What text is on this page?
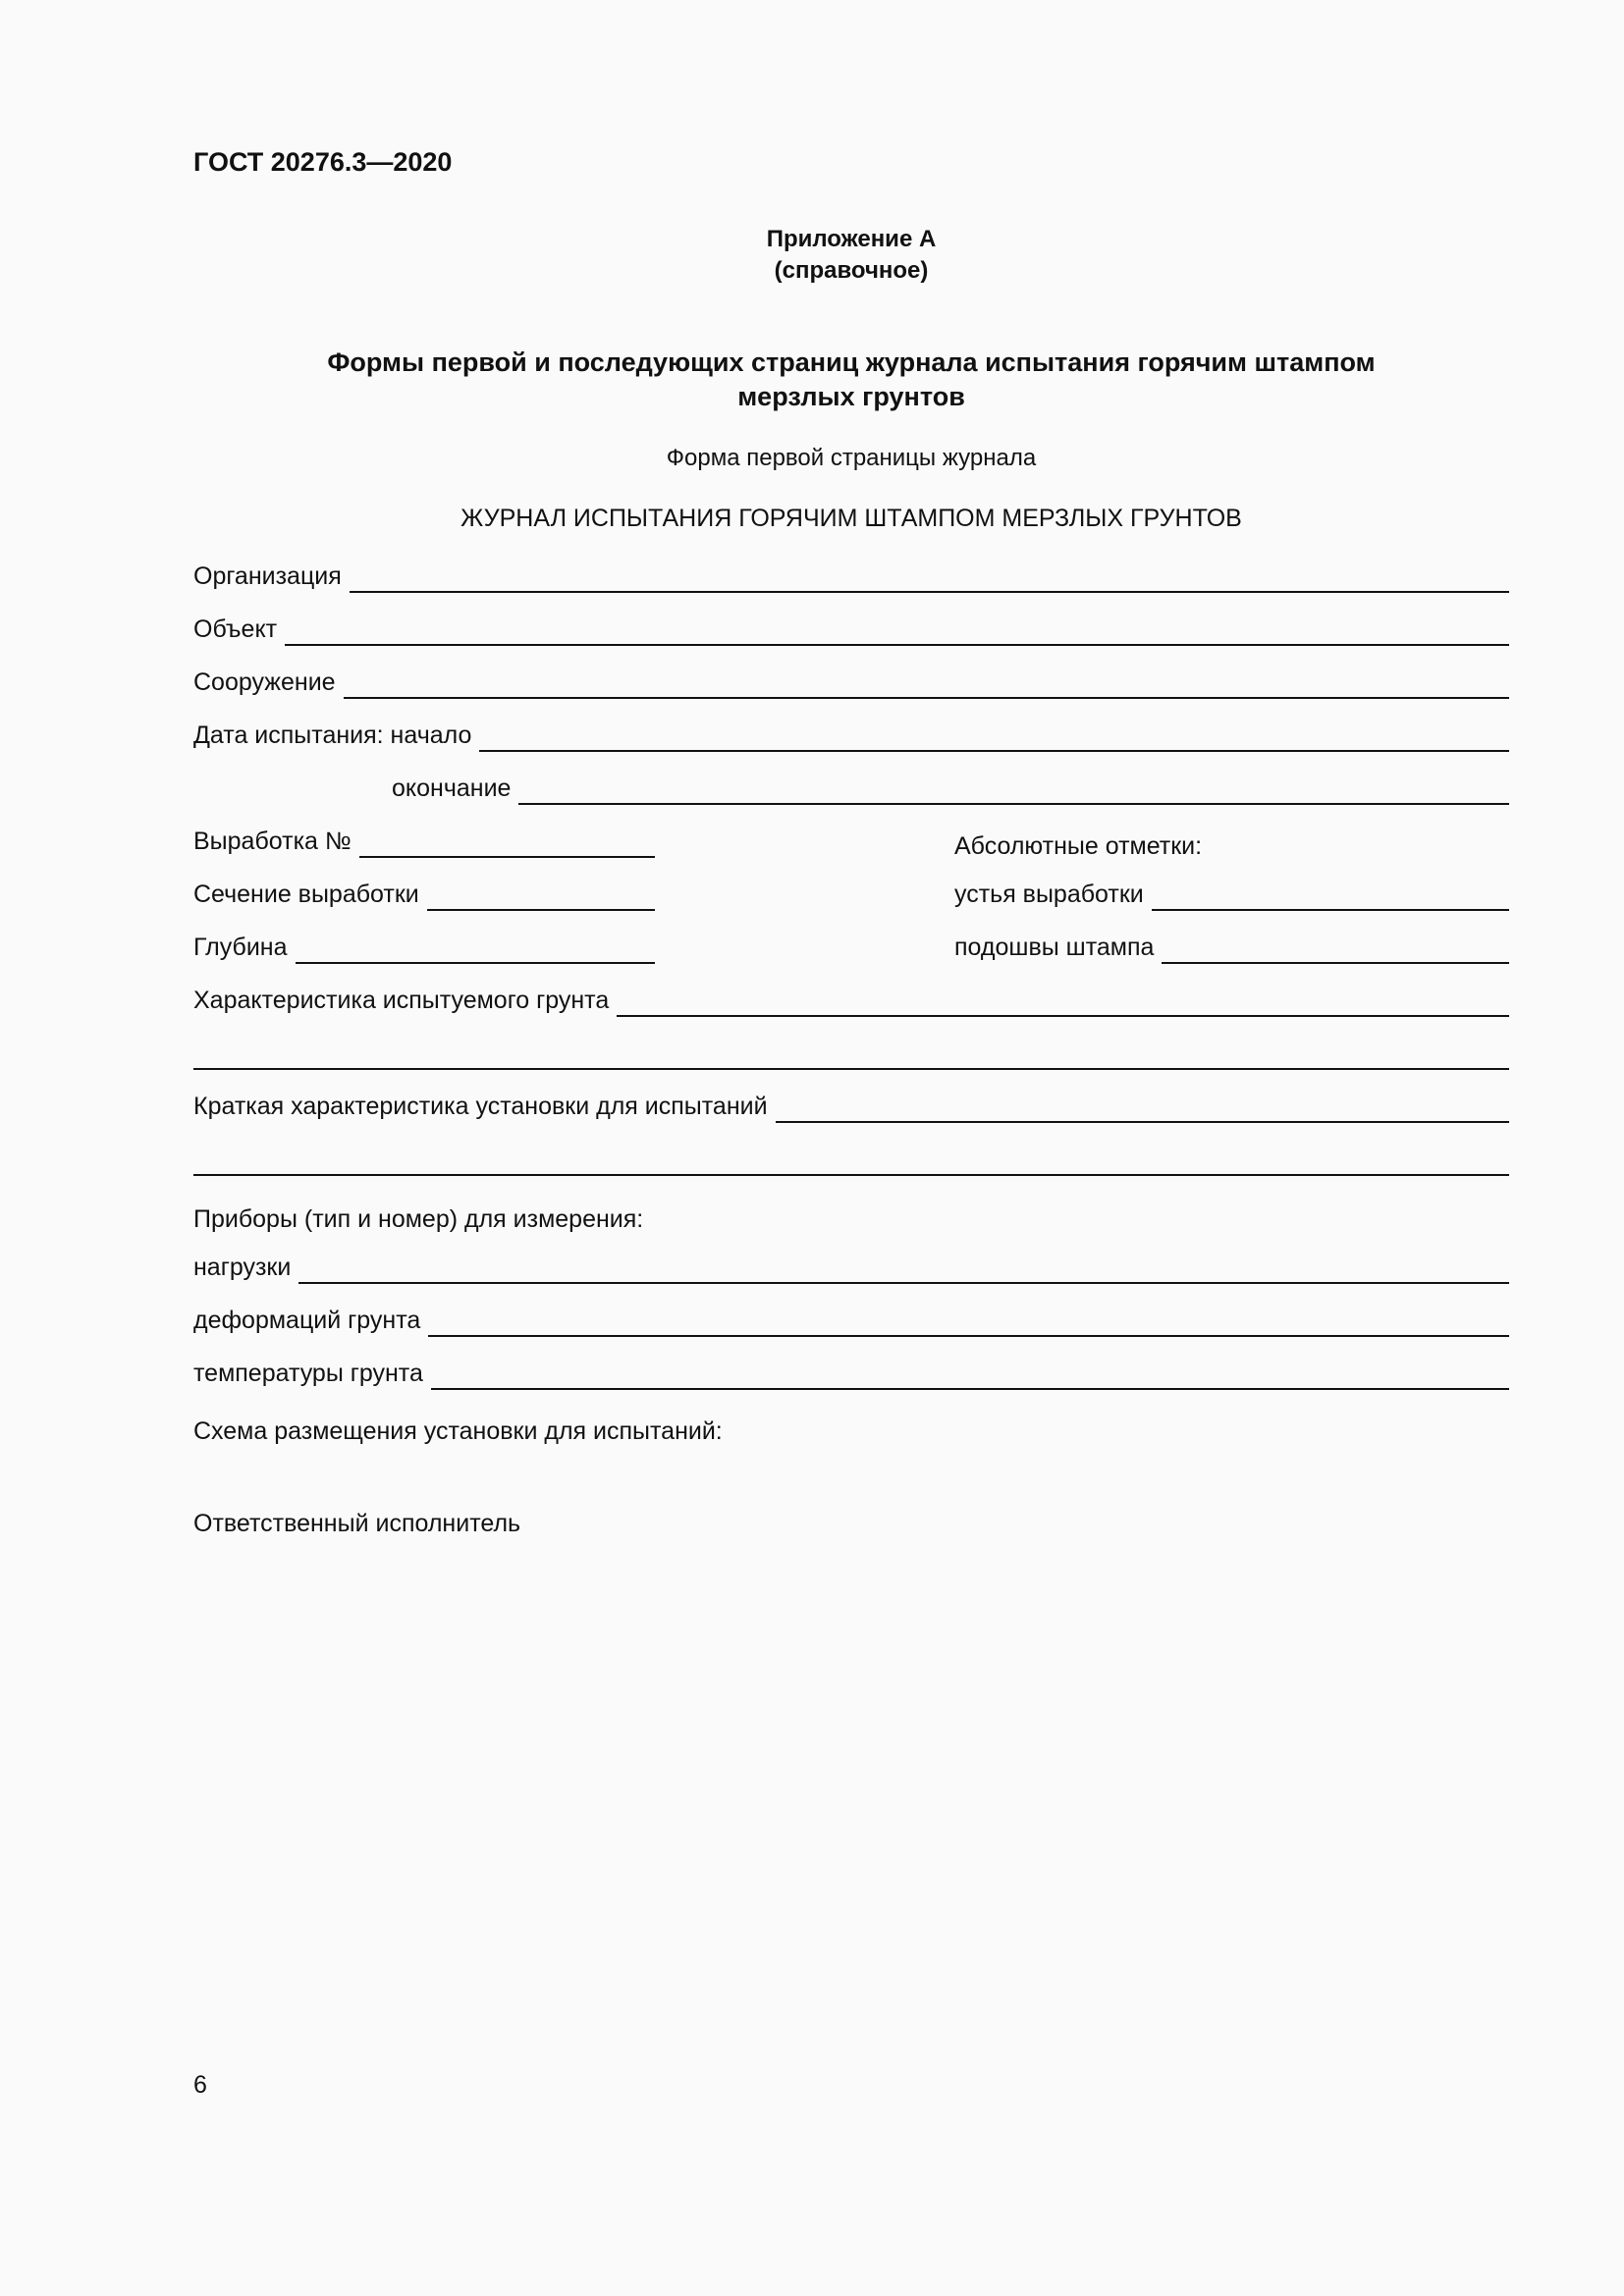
ГОСТ 20276.3—2020
Приложение А
(справочное)
Формы первой и последующих страниц журнала испытания горячим штампом
мерзлых грунтов
Форма первой страницы журнала
ЖУРНАЛ ИСПЫТАНИЯ ГОРЯЧИМ ШТАМПОМ МЕРЗЛЫХ ГРУНТОВ
Организация
Объект
Сооружение
Дата испытания: начало
окончание
Выработка №	Абсолютные отметки:
Сечение выработки	устья выработки
Глубина	подошвы штампа
Характеристика испытуемого грунта
Краткая характеристика установки для испытаний
Приборы (тип и номер) для измерения:
нагрузки
деформаций грунта
температуры грунта
Схема размещения установки для испытаний:
Ответственный исполнитель
6
